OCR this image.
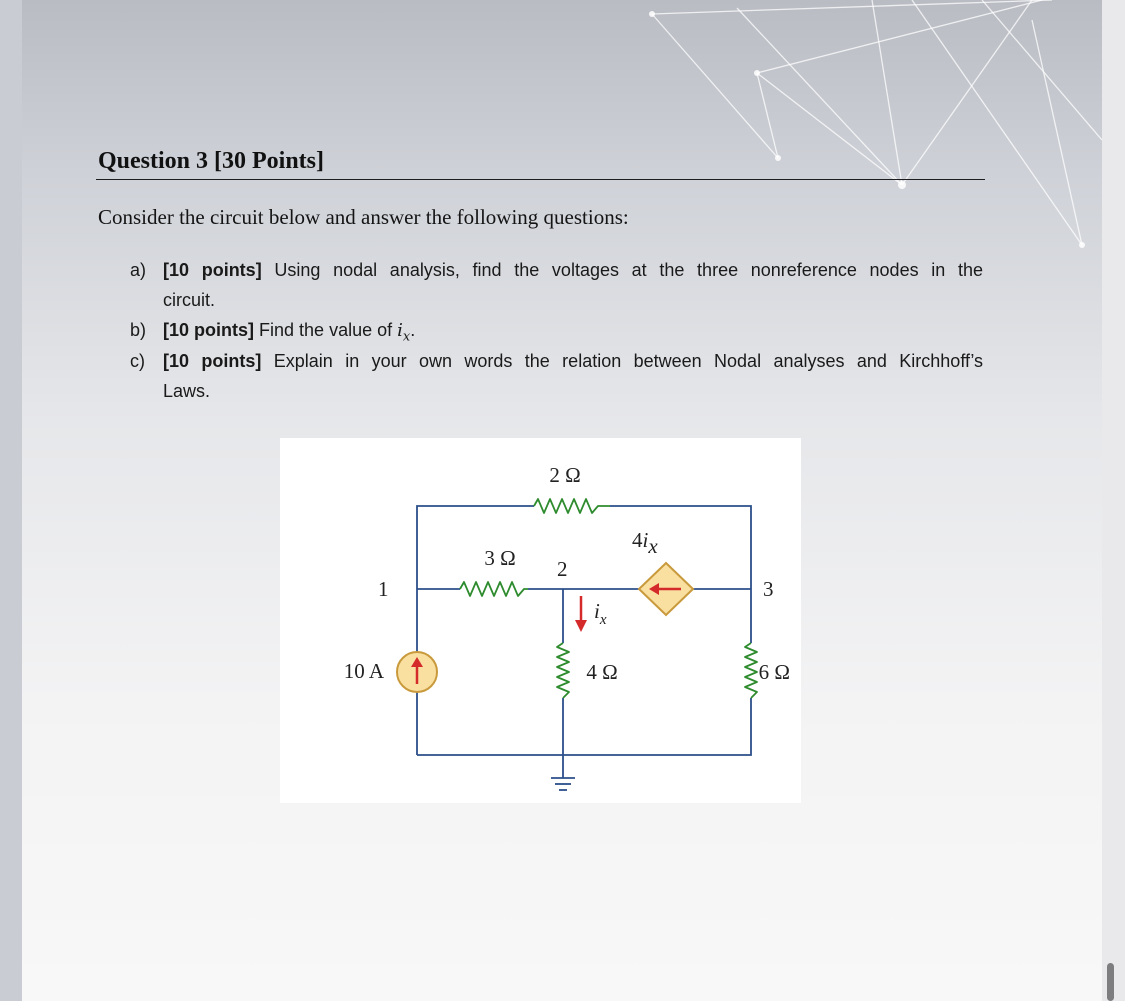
Question 3 [30 Points]
Consider the circuit below and answer the following questions:
a) [10 points] Using nodal analysis, find the voltages at the three nonreference nodes in the
circuit.
b) [10 points] Find the value of $i_x$.
c) [10 points] Explain in your own words the relation between Nodal analyses and Kirchhoff’s
Laws.
2 Ω
3 Ω
4 Ω	6 Ω
10 A
1
2
3
4ix
$i_x$
